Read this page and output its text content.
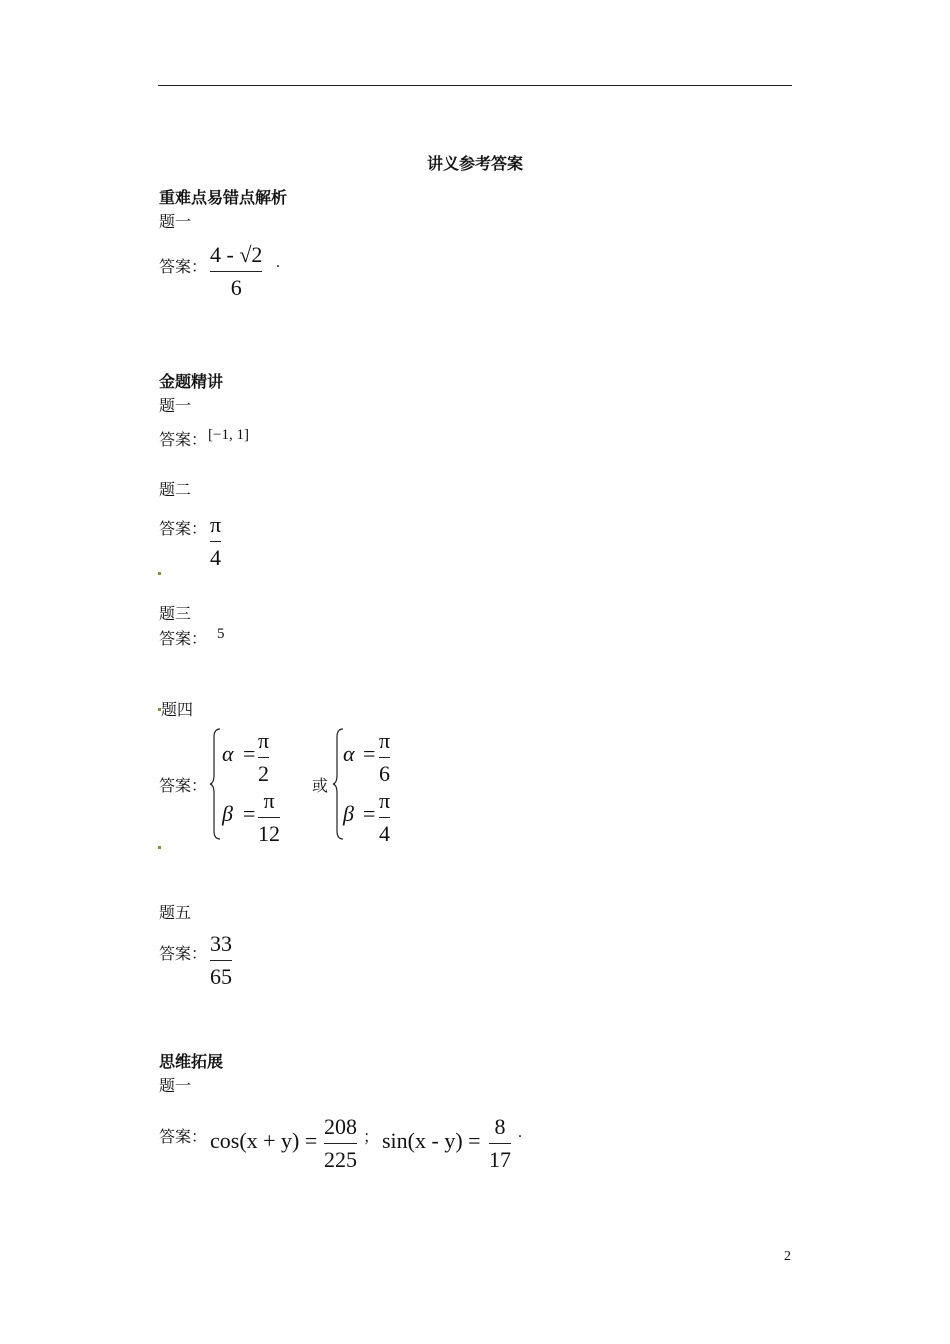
讲义参考答案
重难点易错点解析
题一
答案：
4 - √2
6
.
金题精讲
题一
答案： [−1, 1]
题二
答案： π
4
题三
答案： 5
题四
答案：
α =
π
2
β =
π
12
或
α =
π
6
β =
π
4
题五
答案： 33
65
思维拓展
题一
答案： cos(x + y) =
208
225
； sin(x - y) =
8
17
.
2
